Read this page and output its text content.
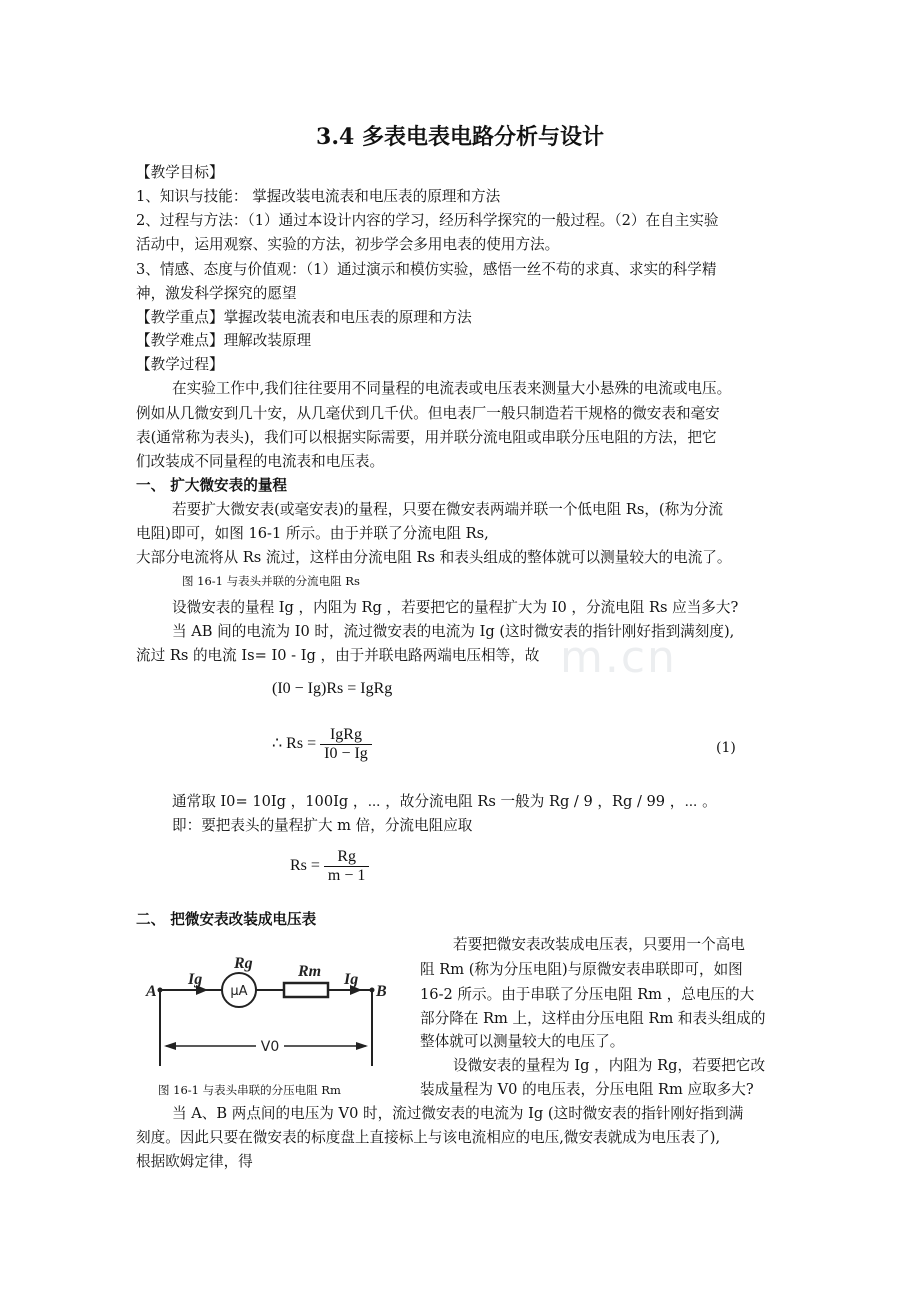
m.cn
3.4 多表电表电路分析与设计
【教学目标】
1、知识与技能： 掌握改装电流表和电压表的原理和方法
2、过程与方法：（1）通过本设计内容的学习，经历科学探究的一般过程。（2）在自主实验
活动中，运用观察、实验的方法，初步学会多用电表的使用方法。
3、情感、态度与价值观：（1）通过演示和模仿实验，感悟一丝不苟的求真、求实的科学精
神，激发科学探究的愿望
【教学重点】掌握改装电流表和电压表的原理和方法
【教学难点】理解改装原理
【教学过程】
在实验工作中,我们往往要用不同量程的电流表或电压表来测量大小悬殊的电流或电压。
例如从几微安到几十安，从几毫伏到几千伏。但电表厂一般只制造若干规格的微安表和毫安
表(通常称为表头)，我们可以根据实际需要，用并联分流电阻或串联分压电阻的方法，把它
们改装成不同量程的电流表和电压表。
一、 扩大微安表的量程
若要扩大微安表(或毫安表)的量程，只要在微安表两端并联一个低电阻 Rs，(称为分流
电阻)即可，如图 16-1 所示。由于并联了分流电阻 Rs,
大部分电流将从 Rs 流过，这样由分流电阻 Rs 和表头组成的整体就可以测量较大的电流了。
图 16-1 与表头并联的分流电阻 Rs
设微安表的量程 Ig ，内阻为 Rg ，若要把它的量程扩大为 I0 ，分流电阻 Rs 应当多大?
当 AB 间的电流为 I0 时，流过微安表的电流为 Ig (这时微安表的指针刚好指到满刻度),
流过 Rs 的电流 Is= I0 - Ig ，由于并联电路两端电压相等，故
(I0 − Ig)Rs = IgRg
∴ $Rs = \frac{\text{IgRg}}{I0 - Ig}$	(1)
通常取 I0= 10Ig ，100Ig ，⋯ ，故分流电阻 Rs 一般为 Rg / 9 ，Rg / 99 ，⋯ 。
即：要把表头的量程扩大 m 倍，分流电阻应取
$Rs = \frac{Rg}{m - 1}$
二、 把微安表改装成电压表
A	B
Ig	Ig
Rg	Rm
μA
V0
若要把微安表改装成电压表，只要用一个高电
阻 Rm (称为分压电阻)与原微安表串联即可，如图
16-2 所示。由于串联了分压电阻 Rm ，总电压的大
部分降在 Rm 上，这样由分压电阻 Rm 和表头组成的
整体就可以测量较大的电压了。
设微安表的量程为 Ig ，内阻为 Rg，若要把它改
装成量程为 V0 的电压表，分压电阻 Rm 应取多大?
图 16-1 与表头串联的分压电阻 Rm
当 A、B 两点间的电压为 V0 时，流过微安表的电流为 Ig (这时微安表的指针刚好指到满
刻度。因此只要在微安表的标度盘上直接标上与该电流相应的电压,微安表就成为电压表了),
根据欧姆定律，得
